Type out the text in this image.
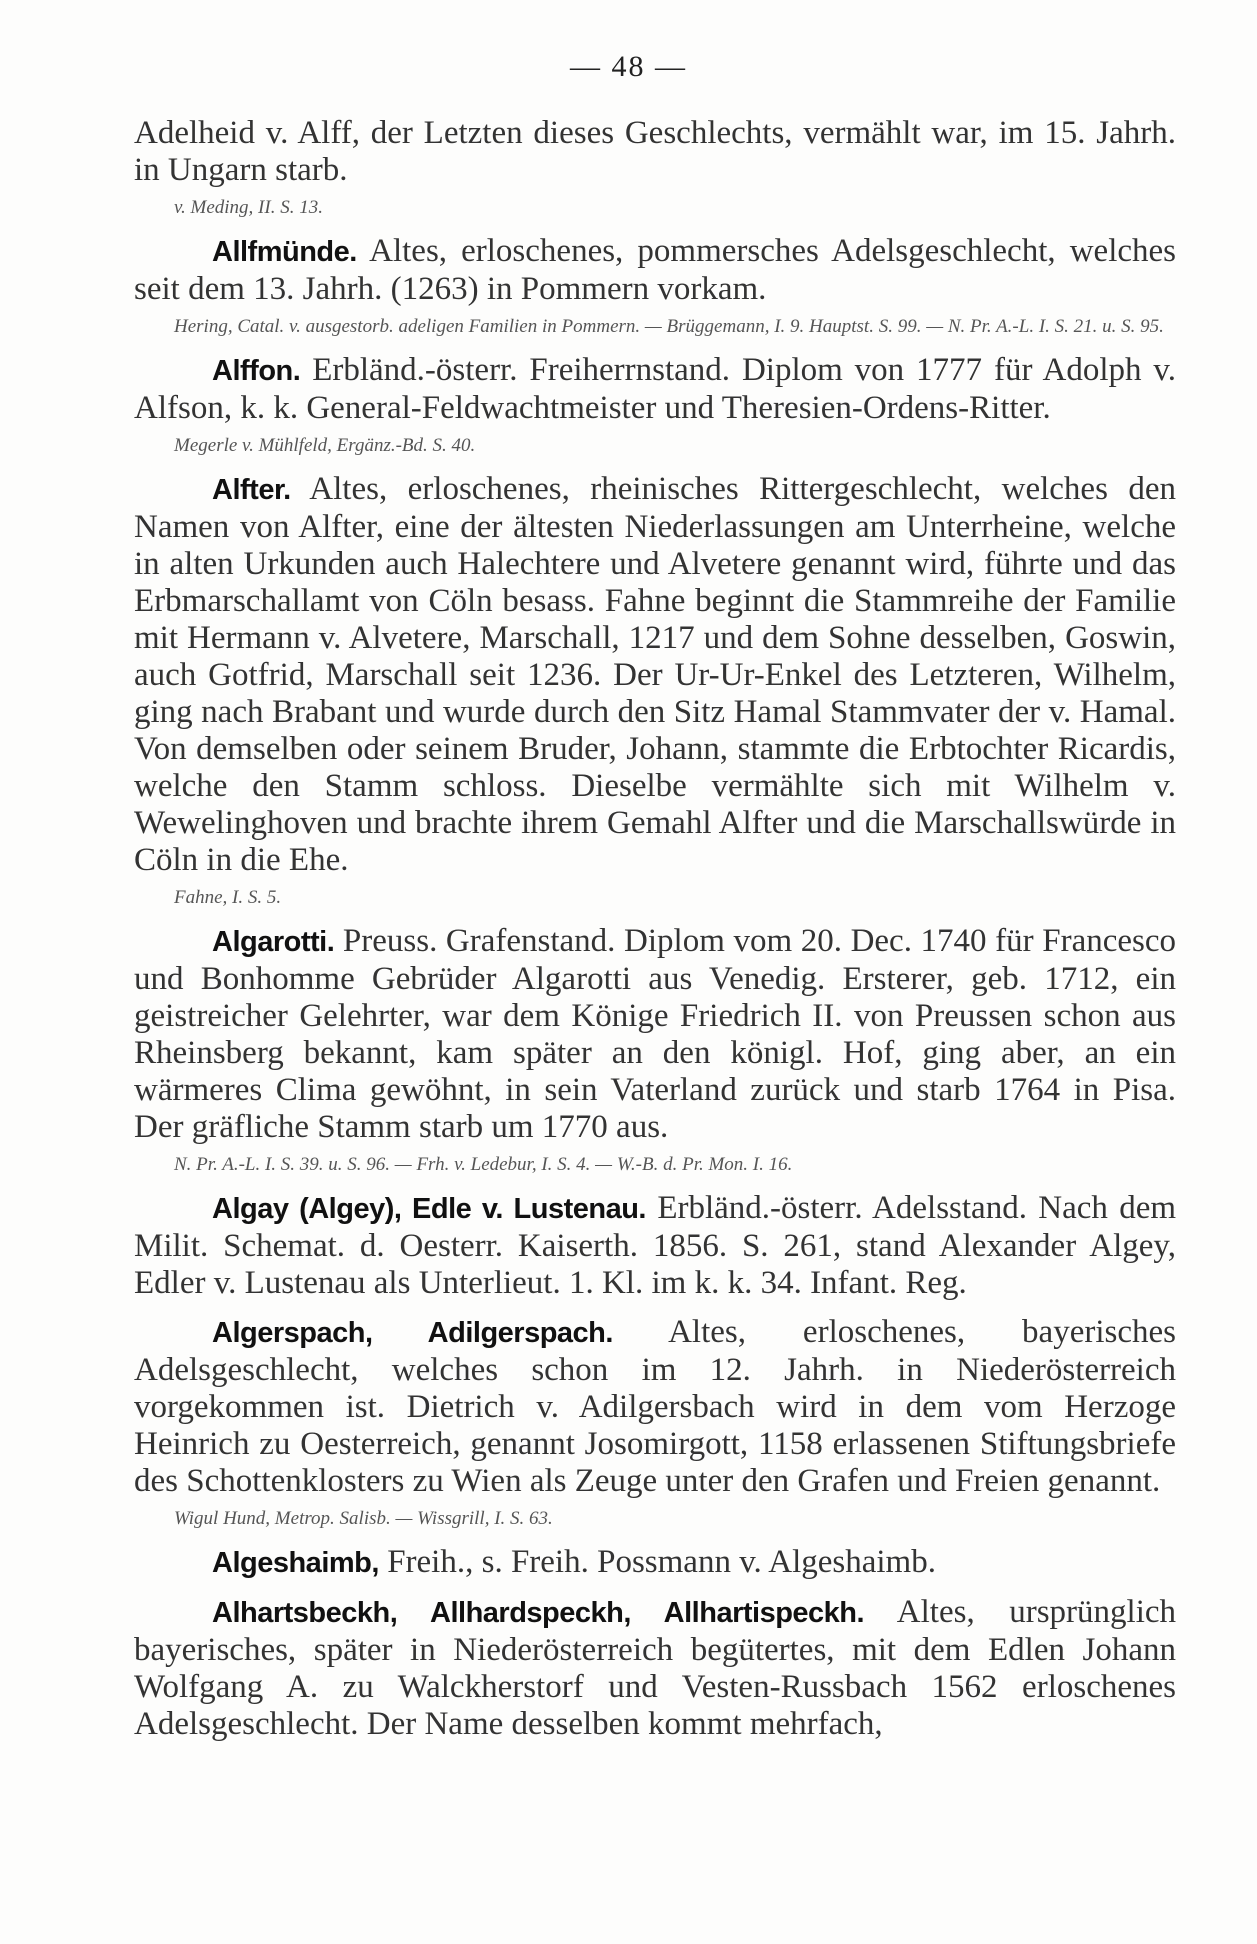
— 48 —

Adelheid v. Alff, der Letzten dieses Geschlechts, vermählt war, im 15. Jahrh. in Ungarn starb.

v. Meding, II. S. 13.

Allfmünde. Altes, erloschenes, pommersches Adelsgeschlecht, welches seit dem 13. Jahrh. (1263) in Pommern vorkam.

Hering, Catal. v. ausgestorb. adeligen Familien in Pommern. — Brüggemann, I. 9. Hauptst. S. 99. — N. Pr. A.-L. I. S. 21. u. S. 95.

Alffon. Erbländ.-österr. Freiherrnstand. Diplom von 1777 für Adolph v. Alfson, k. k. General-Feldwachtmeister und Theresien-Ordens-Ritter.

Megerle v. Mühlfeld, Ergänz.-Bd. S. 40.

Alfter. Altes, erloschenes, rheinisches Rittergeschlecht, welches den Namen von Alfter, eine der ältesten Niederlassungen am Unterrheine, welche in alten Urkunden auch Halechtere und Alvetere genannt wird, führte und das Erbmarschallamt von Cöln besass. Fahne beginnt die Stammreihe der Familie mit Hermann v. Alvetere, Marschall, 1217 und dem Sohne desselben, Goswin, auch Gotfrid, Marschall seit 1236. Der Ur-Ur-Enkel des Letzteren, Wilhelm, ging nach Brabant und wurde durch den Sitz Hamal Stammvater der v. Hamal. Von demselben oder seinem Bruder, Johann, stammte die Erbtochter Ricardis, welche den Stamm schloss. Dieselbe vermählte sich mit Wilhelm v. Wewelinghoven und brachte ihrem Gemahl Alfter und die Marschallswürde in Cöln in die Ehe.

Fahne, I. S. 5.

Algarotti. Preuss. Grafenstand. Diplom vom 20. Dec. 1740 für Francesco und Bonhomme Gebrüder Algarotti aus Venedig. Ersterer, geb. 1712, ein geistreicher Gelehrter, war dem Könige Friedrich II. von Preussen schon aus Rheinsberg bekannt, kam später an den königl. Hof, ging aber, an ein wärmeres Clima gewöhnt, in sein Vaterland zurück und starb 1764 in Pisa. Der gräfliche Stamm starb um 1770 aus.

N. Pr. A.-L. I. S. 39. u. S. 96. — Frh. v. Ledebur, I. S. 4. — W.-B. d. Pr. Mon. I. 16.

Algay (Algey), Edle v. Lustenau. Erbländ.-österr. Adelsstand. Nach dem Milit. Schemat. d. Oesterr. Kaiserth. 1856. S. 261, stand Alexander Algey, Edler v. Lustenau als Unterlieut. 1. Kl. im k. k. 34. Infant. Reg.

Algerspach, Adilgerspach. Altes, erloschenes, bayerisches Adelsgeschlecht, welches schon im 12. Jahrh. in Niederösterreich vorgekommen ist. Dietrich v. Adilgersbach wird in dem vom Herzoge Heinrich zu Oesterreich, genannt Josomirgott, 1158 erlassenen Stiftungsbriefe des Schottenklosters zu Wien als Zeuge unter den Grafen und Freien genannt.

Wigul Hund, Metrop. Salisb. — Wissgrill, I. S. 63.

Algeshaimb, Freih., s. Freih. Possmann v. Algeshaimb.

Alhartsbeckh, Allhardspeckh, Allhartispeckh. Altes, ursprünglich bayerisches, später in Niederösterreich begütertes, mit dem Edlen Johann Wolfgang A. zu Walckherstorf und Vesten-Russbach 1562 erloschenes Adelsgeschlecht. Der Name desselben kommt mehrfach,
